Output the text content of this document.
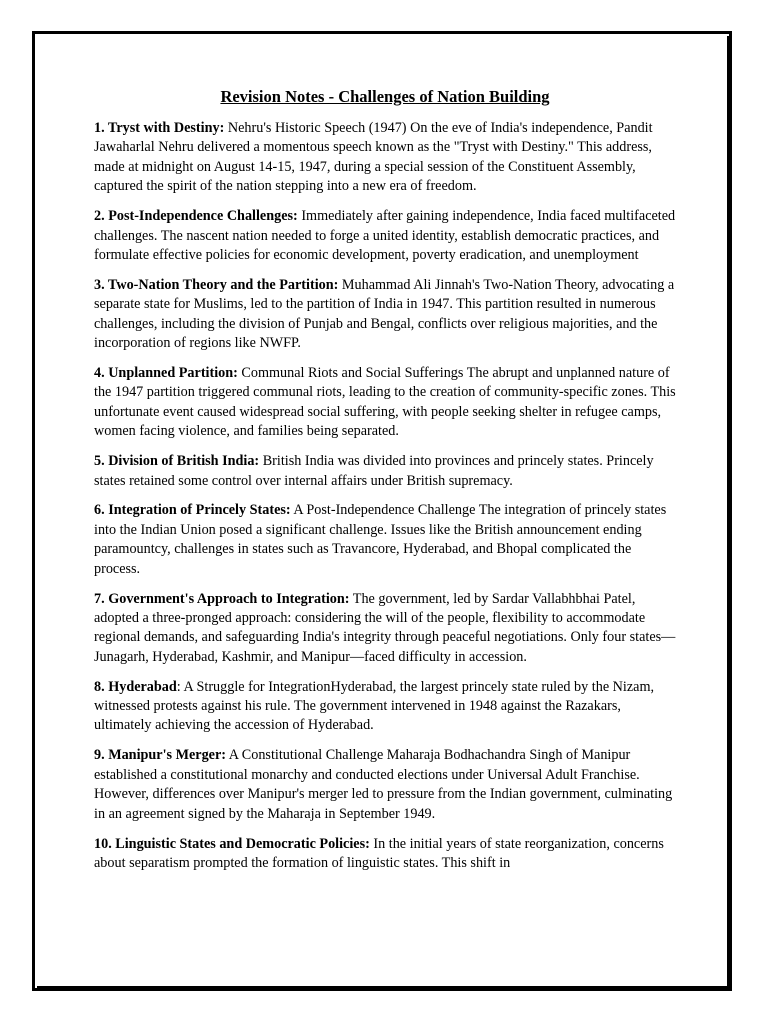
Revision Notes - Challenges of Nation Building

1. Tryst with Destiny: Nehru's Historic Speech (1947) On the eve of India's independence, Pandit Jawaharlal Nehru delivered a momentous speech known as the "Tryst with Destiny." This address, made at midnight on August 14-15, 1947, during a special session of the Constituent Assembly, captured the spirit of the nation stepping into a new era of freedom.

2. Post-Independence Challenges: Immediately after gaining independence, India faced multifaceted challenges. The nascent nation needed to forge a united identity, establish democratic practices, and formulate effective policies for economic development, poverty eradication, and unemployment

3. Two-Nation Theory and the Partition: Muhammad Ali Jinnah's Two-Nation Theory, advocating a separate state for Muslims, led to the partition of India in 1947. This partition resulted in numerous challenges, including the division of Punjab and Bengal, conflicts over religious majorities, and the incorporation of regions like NWFP.

4. Unplanned Partition: Communal Riots and Social Sufferings The abrupt and unplanned nature of the 1947 partition triggered communal riots, leading to the creation of community-specific zones. This unfortunate event caused widespread social suffering, with people seeking shelter in refugee camps, women facing violence, and families being separated.

5. Division of British India: British India was divided into provinces and princely states. Princely states retained some control over internal affairs under British supremacy.

6. Integration of Princely States: A Post-Independence Challenge The integration of princely states into the Indian Union posed a significant challenge. Issues like the British announcement ending paramountcy, challenges in states such as Travancore, Hyderabad, and Bhopal complicated the process.

7. Government's Approach to Integration: The government, led by Sardar Vallabhbhai Patel, adopted a three-pronged approach: considering the will of the people, flexibility to accommodate regional demands, and safeguarding India's integrity through peaceful negotiations. Only four states—Junagarh, Hyderabad, Kashmir, and Manipur—faced difficulty in accession.

8. Hyderabad: A Struggle for IntegrationHyderabad, the largest princely state ruled by the Nizam, witnessed protests against his rule. The government intervened in 1948 against the Razakars, ultimately achieving the accession of Hyderabad.

9. Manipur's Merger: A Constitutional Challenge Maharaja Bodhachandra Singh of Manipur established a constitutional monarchy and conducted elections under Universal Adult Franchise. However, differences over Manipur's merger led to pressure from the Indian government, culminating in an agreement signed by the Maharaja in September 1949.

10. Linguistic States and Democratic Policies: In the initial years of state reorganization, concerns about separatism prompted the formation of linguistic states. This shift in
